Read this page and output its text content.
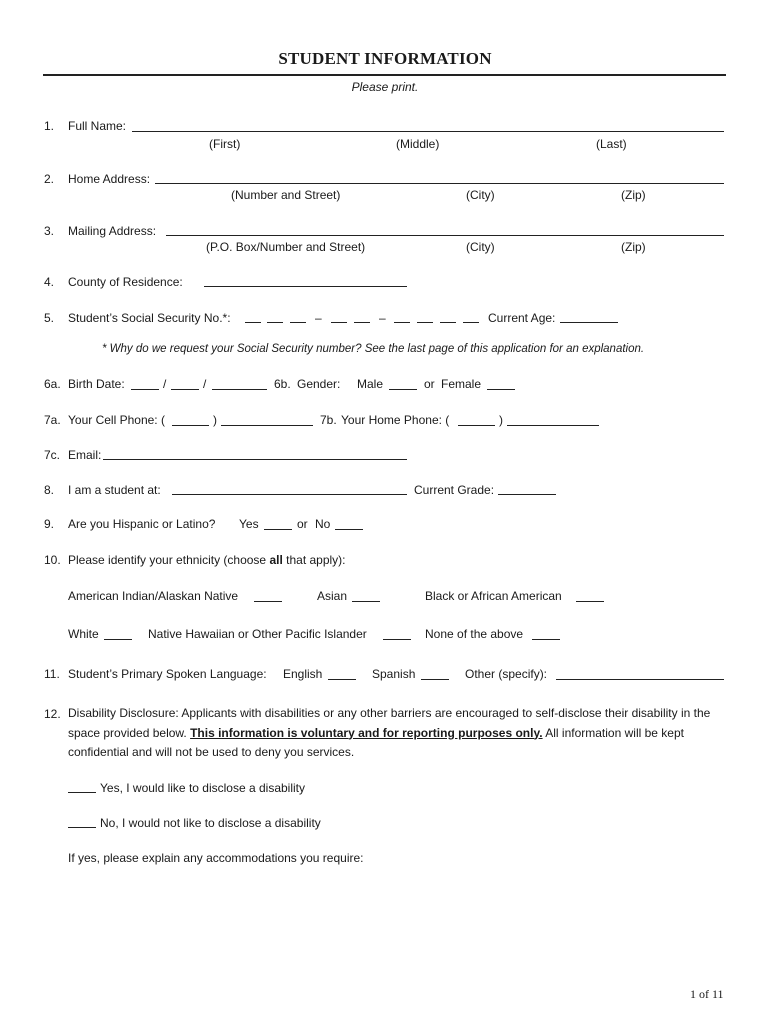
STUDENT INFORMATION
Please print.
1. Full Name:
(First)	(Middle)	(Last)
2. Home Address:
(Number and Street)	(City)	(Zip)
3. Mailing Address:
(P.O. Box/Number and Street)	(City)	(Zip)
4. County of Residence:
5. Student’s Social Security No.*:	–	–	Current Age:
* Why do we request your Social Security number? See the last page of this application for an explanation.
6a. Birth Date:	/	/	6b. Gender: Male	or Female
7a. Your Cell Phone: (	)	7b. Your Home Phone: (	)
7c. Email:
8. I am a student at:	Current Grade:
9. Are you Hispanic or Latino? Yes	or No
10. Please identify your ethnicity (choose all that apply):
American Indian/Alaskan Native	Asian	Black or African American
White	Native Hawaiian or Other Pacific Islander	None of the above
11. Student’s Primary Spoken Language: English	Spanish	Other (specify):
12. Disability Disclosure: Applicants with disabilities or any other barriers are encouraged to self-disclose their disability in the space provided below. This information is voluntary and for reporting purposes only. All information will be kept confidential and will not be used to deny you services.
Yes, I would like to disclose a disability
No, I would not like to disclose a disability
If yes, please explain any accommodations you require:
1 of 11
